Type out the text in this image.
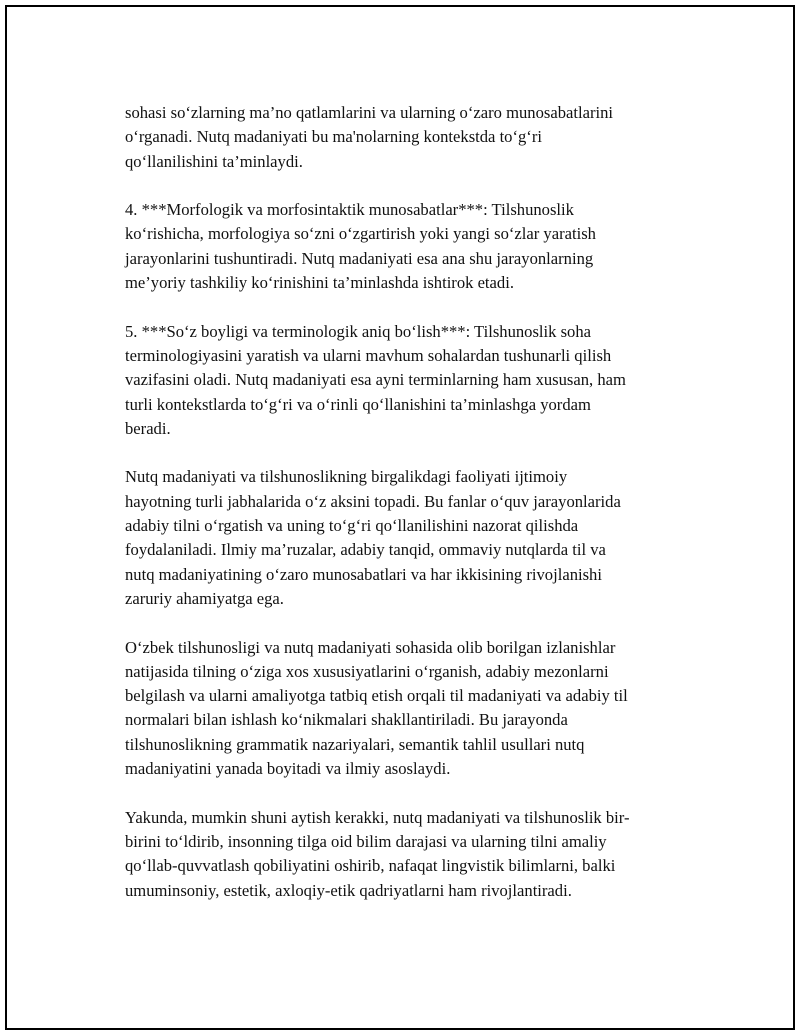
sohasi so‘zlarning ma’no qatlamlarini va ularning o‘zaro munosabatlarini
o‘rganadi. Nutq madaniyati bu ma'nolarning kontekstda to‘g‘ri
qo‘llanilishini ta’minlaydi.

4. ***Morfologik va morfosintaktik munosabatlar***: Tilshunoslik
ko‘rishicha, morfologiya so‘zni o‘zgartirish yoki yangi so‘zlar yaratish
jarayonlarini tushuntiradi. Nutq madaniyati esa ana shu jarayonlarning
me’yoriy tashkiliy ko‘rinishini ta’minlashda ishtirok etadi.

5. ***So‘z boyligi va terminologik aniq bo‘lish***: Tilshunoslik soha
terminologiyasini yaratish va ularni mavhum sohalardan tushunarli qilish
vazifasini oladi. Nutq madaniyati esa ayni terminlarning ham xususan, ham
turli kontekstlarda to‘g‘ri va o‘rinli qo‘llanishini ta’minlashga yordam
beradi.

Nutq madaniyati va tilshunoslikning birgalikdagi faoliyati ijtimoiy
hayotning turli jabhalarida o‘z aksini topadi. Bu fanlar o‘quv jarayonlarida
adabiy tilni o‘rgatish va uning to‘g‘ri qo‘llanilishini nazorat qilishda
foydalaniladi. Ilmiy ma’ruzalar, adabiy tanqid, ommaviy nutqlarda til va
nutq madaniyatining o‘zaro munosabatlari va har ikkisining rivojlanishi
zaruriy ahamiyatga ega.

O‘zbek tilshunosligi va nutq madaniyati sohasida olib borilgan izlanishlar
natijasida tilning o‘ziga xos xususiyatlarini o‘rganish, adabiy mezonlarni
belgilash va ularni amaliyotga tatbiq etish orqali til madaniyati va adabiy til
normalari bilan ishlash ko‘nikmalari shakllantiriladi. Bu jarayonda
tilshunoslikning grammatik nazariyalari, semantik tahlil usullari nutq
madaniyatini yanada boyitadi va ilmiy asoslaydi.

Yakunda, mumkin shuni aytish kerakki, nutq madaniyati va tilshunoslik bir-
birini to‘ldirib, insonning tilga oid bilim darajasi va ularning tilni amaliy
qo‘llab-quvvatlash qobiliyatini oshirib, nafaqat lingvistik bilimlarni, balki
umuminsoniy, estetik, axloqiy-etik qadriyatlarni ham rivojlantiradi.
